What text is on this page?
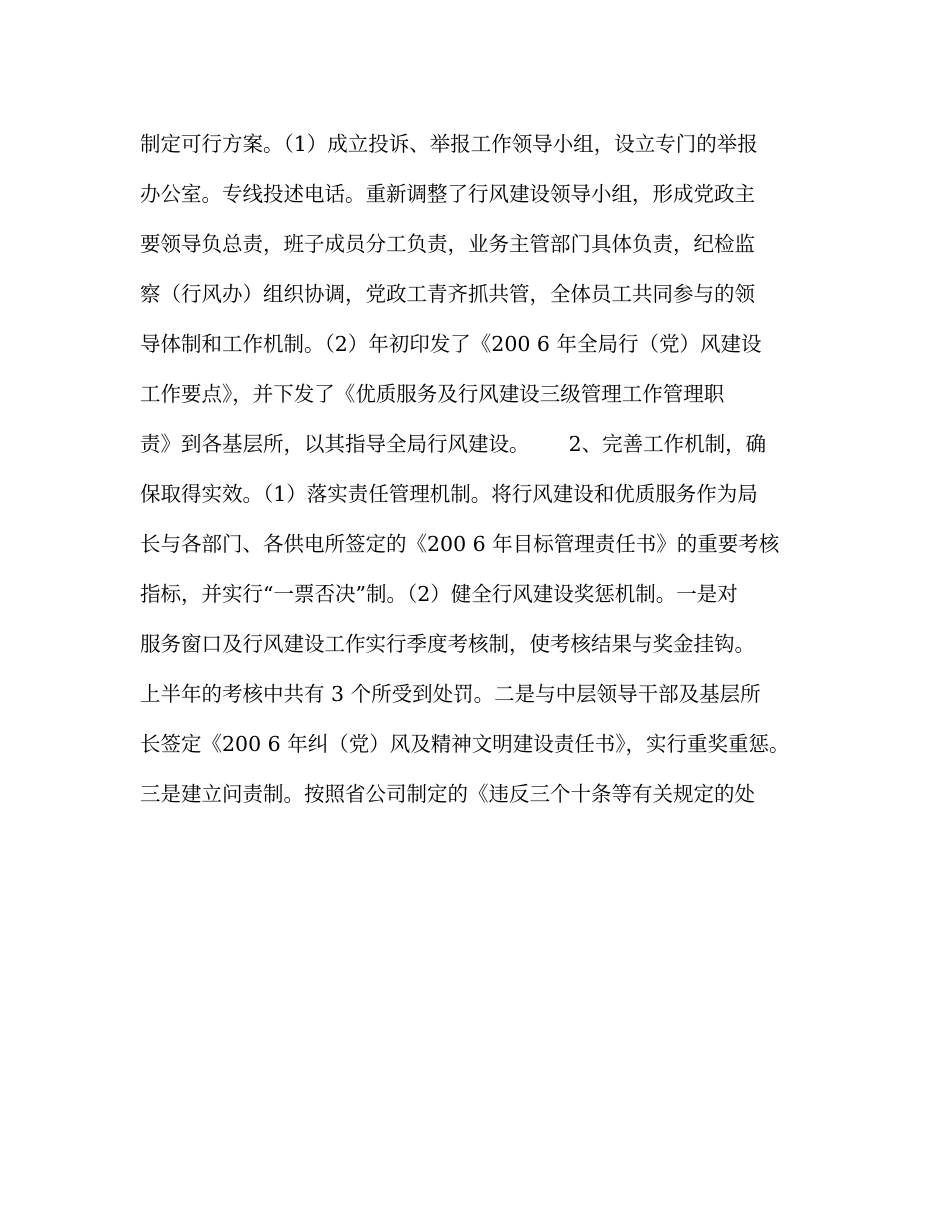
制定可行方案。（1）成立投诉、举报工作领导小组，设立专门的举报
办公室。专线投述电话。重新调整了行风建设领导小组，形成党政主
要领导负总责，班子成员分工负责，业务主管部门具体负责，纪检监
察（行风办）组织协调，党政工青齐抓共管，全体员工共同参与的领
导体制和工作机制。（2）年初印发了《200 6 年全局行（党）风建设
工作要点》，并下发了《优质服务及行风建设三级管理工作管理职
责》到各基层所，以其指导全局行风建设。      2、完善工作机制，确
保取得实效。（1）落实责任管理机制。将行风建设和优质服务作为局
长与各部门、各供电所签定的《200 6 年目标管理责任书》的重要考核
指标，并实行“一票否决”制。（2）健全行风建设奖惩机制。一是对
服务窗口及行风建设工作实行季度考核制，使考核结果与奖金挂钩。
上半年的考核中共有 3 个所受到处罚。二是与中层领导干部及基层所
长签定《200 6 年纠（党）风及精神文明建设责任书》，实行重奖重惩。
三是建立问责制。按照省公司制定的《违反三个十条等有关规定的处
